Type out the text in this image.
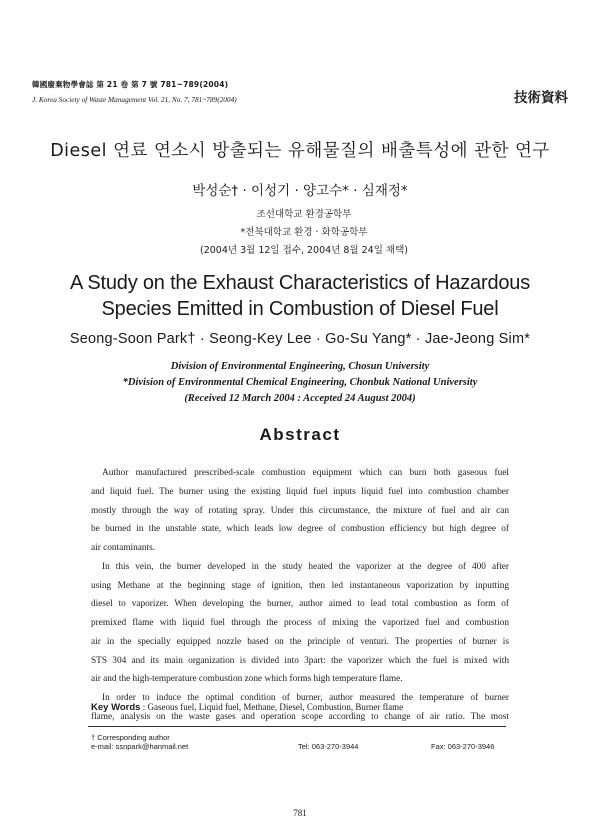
韓國廢棄物學會誌 第 21 卷 第 7 號 781~789(2004)
J. Korea Society of Waste Management Vol. 21, No. 7, 781~789(2004)	技術資料
Diesel 연료 연소시 방출되는 유해물질의 배출특성에 관한 연구
박성순† · 이성기 · 양고수* · 심재정*
조선대학교 환경공학부
*전북대학교 환경 · 화학공학부
(2004년 3월 12일 접수, 2004년 8월 24일 채택)
A Study on the Exhaust Characteristics of Hazardous
Species Emitted in Combustion of Diesel Fuel
Seong-Soon Park† · Seong-Key Lee · Go-Su Yang* · Jae-Jeong Sim*
Division of Environmental Engineering, Chosun University
*Division of Environmental Chemical Engineering, Chonbuk National University
(Received 12 March 2004 : Accepted 24 August 2004)
Abstract

Author manufactured prescribed-scale combustion equipment which can burn both gaseous fuel
and liquid fuel. The burner using the existing liquid fuel inputs liquid fuel into combustion chamber
mostly through the way of rotating spray. Under this circumstance, the mixture of fuel and air can
be burned in the unstable state, which leads low degree of combustion efficiency but high degree of
air contaminants.

In this vein, the burner developed in the study heated the vaporizer at the degree of 400 after
using Methane at the beginning stage of ignition, then led instantaneous vaporization by inputting
diesel to vaporizer. When developing the burner, author aimed to lead total combustion as form of
premixed flame with liquid fuel through the process of mixing the vaporized fuel and combustion
air in the specially equipped nozzle based on the principle of venturi. The properties of burner is
STS 304 and its main organization is divided into 3part: the vaporizer which the fuel is mixed with
air and the high-temperature combustion zone which forms high temperature flame.

In order to induce the optimal condition of burner, author measured the temperature of burner
flame, analysis on the waste gases and operation scope according to change of air ratio. The most

Key Words : Gaseous fuel, Liquid fuel, Methane, Diesel, Combustion, Burner flame
† Corresponding author
e-mail: ssnpark@hanmail.net	Tel: 063-270-3944	Fax: 063-270-3946
781
